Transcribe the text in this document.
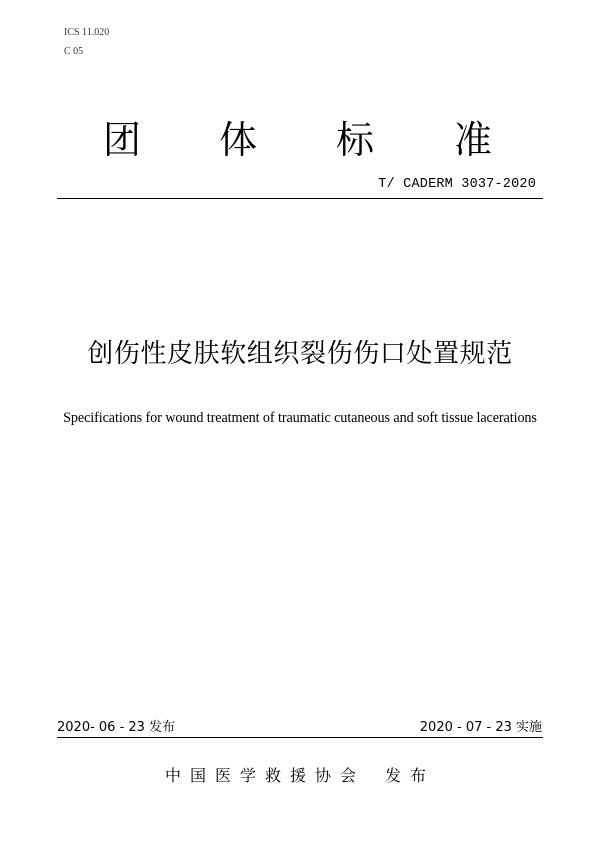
ICS 11.020
C 05
团 体 标 准
T/ CADERM 3037-2020
创伤性皮肤软组织裂伤伤口处置规范
Specifications for wound treatment of traumatic cutaneous and soft tissue lacerations
2020- 06 - 23 发布	2020 - 07 - 23 实施
中国医学救援协会 发布
